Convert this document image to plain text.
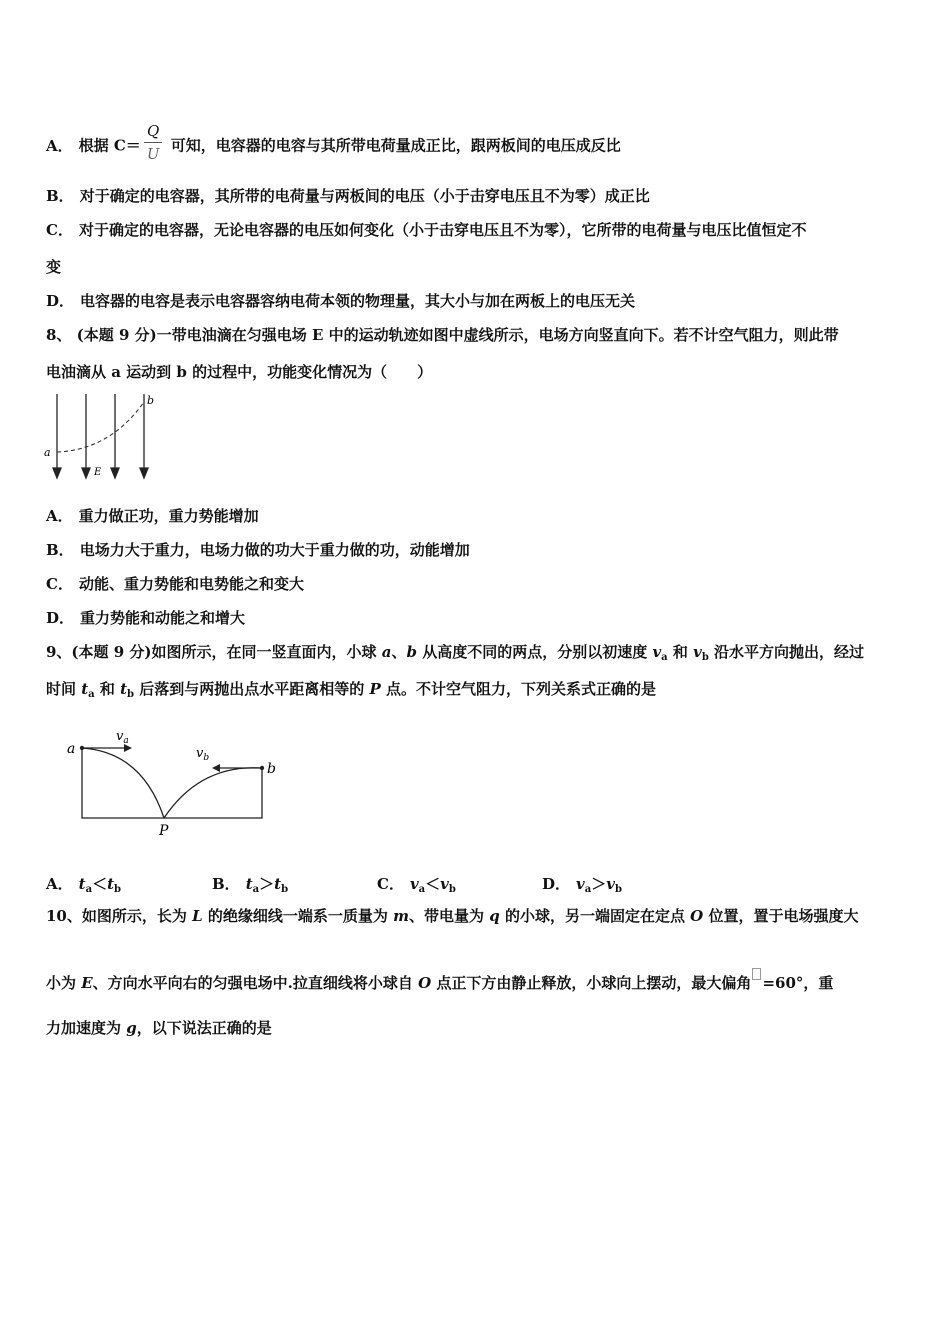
A． 根据 $C= \frac{Q}{U}$ 可知，电容器的电容与其所带电荷量成正比，跟两板间的电压成反比
B． 对于确定的电容器，其所带的电荷量与两板间的电压（小于击穿电压且不为零）成正比
C． 对于确定的电容器，无论电容器的电压如何变化（小于击穿电压且不为零），它所带的电荷量与电压比值恒定不
变
D． 电容器的电容是表示电容器容纳电荷本领的物理量，其大小与加在两板上的电压无关
8、 (本题 9 分)一带电油滴在匀强电场 E 中的运动轨迹如图中虚线所示，电场方向竖直向下。若不计空气阻力，则此带
电油滴从 a 运动到 b 的过程中，功能变化情况为（　　）
a
b
E
A． 重力做正功，重力势能增加
B． 电场力大于重力，电场力做的功大于重力做的功，动能增加
C． 动能、重力势能和电势能之和变大
D． 重力势能和动能之和增大
9、(本题 9 分)如图所示，在同一竖直面内，小球 a、b 从高度不同的两点，分别以初速度 $v_a$ 和 $v_b$ 沿水平方向抛出，经过
时间 $t_a$ 和 $t_b$ 后落到与两抛出点水平距离相等的 P 点。不计空气阻力，下列关系式正确的是
a
b
$v_a$
$v_b$
P
A． $t_a<t_b$	B． $t_a>t_b$	C． $v_a<v_b$	D． $v_a>v_b$
10、如图所示，长为 L 的绝缘细线一端系一质量为 m、带电量为 q 的小球，另一端固定在定点 O 位置，置于电场强度大
小为 E、方向水平向右的匀强电场中.拉直细线将小球自 O 点正下方由静止释放，小球向上摆动，最大偏角 =60°，重
力加速度为 g，以下说法正确的是
